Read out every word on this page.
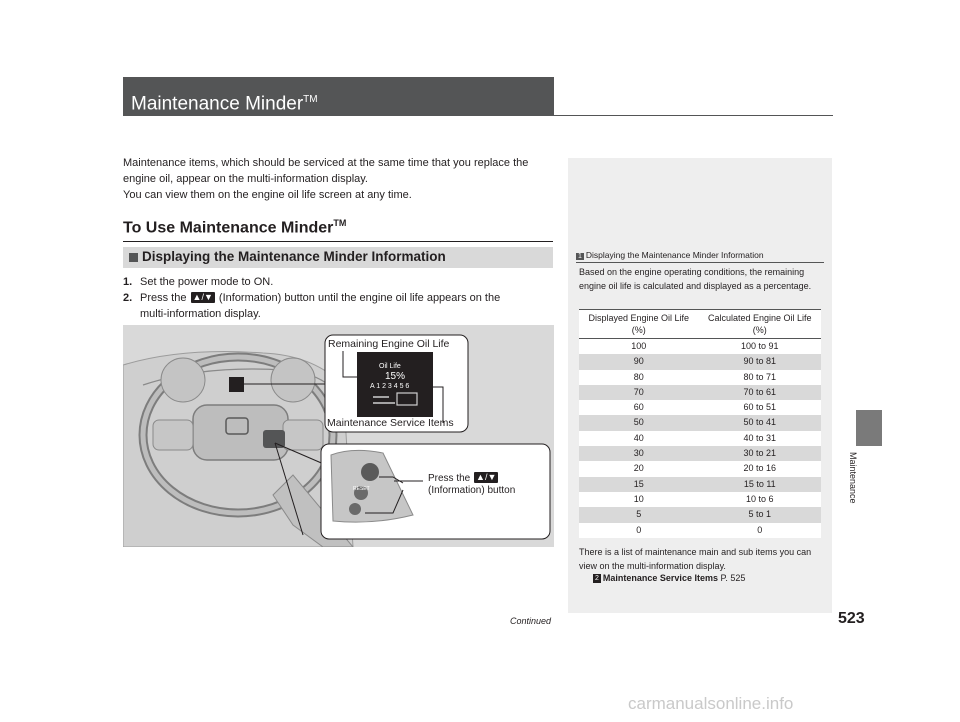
Maintenance Minder™

Maintenance items, which should be serviced at the same time that you replace the

engine oil, appear on the multi-information display.

You can view them on the engine oil life screen at any time.

To Use Maintenance Minder™
Displaying the Maintenance Minder Information
1. Set the power mode to ON.
2. Press the ▲/▼ (Information) button until the engine oil life appears on the
multi-information display.
Remaining Engine Oil Life
Maintenance Service Items
Oil Life
15%
A 1 2 3 4 5 6
RESET
Press the ▲/▼
(Information) button
1 Displaying the Maintenance Minder Information
Based on the engine operating conditions, the remaining engine oil life is calculated and displayed as a percentage.
Displayed Engine Oil Life (%)	Calculated Engine Oil Life (%)
100	100 to 91
90	90 to 81
80	80 to 71
70	70 to 61
60	60 to 51
50	50 to 41
40	40 to 31
30	30 to 21
20	20 to 16
15	15 to 11
10	10 to 6
5	5 to 1
0	0
There is a list of maintenance main and sub items you can view on the multi-information display.
2 Maintenance Service Items P. 525
Maintenance
Continued	523
carmanualsonline.info
